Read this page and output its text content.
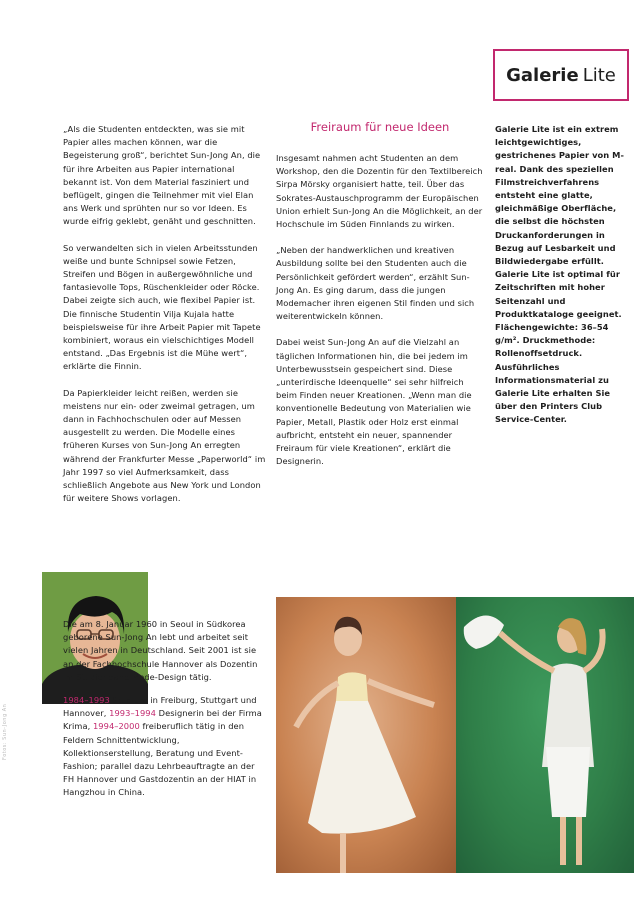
Galerie Lite
Freiraum für neue Ideen

„Als die Studenten entdeckten, was sie mit Papier alles machen können, war die Begeisterung groß“, berichtet Sun-Jong An, die für ihre Arbeiten aus Papier international bekannt ist. Von dem Material fasziniert und beflügelt, gingen die Teilnehmer mit viel Elan ans Werk und sprühten nur so vor Ideen. Es wurde eifrig geklebt, genäht und geschnitten.

So verwandelten sich in vielen Arbeitsstunden weiße und bunte Schnipsel sowie Fetzen, Streifen und Bögen in außergewöhnliche und fantasievolle Tops, Rüschenkleider oder Röcke. Dabei zeigte sich auch, wie flexibel Papier ist. Die finnische Studentin Vilja Kujala hatte beispielsweise für ihre Arbeit Papier mit Tapete kombiniert, woraus ein vielschichtiges Modell entstand. „Das Ergebnis ist die Mühe wert“, erklärte die Finnin.

Da Papierkleider leicht reißen, werden sie meistens nur ein- oder zweimal getragen, um dann in Fachhochschulen oder auf Messen ausgestellt zu werden. Die Modelle eines früheren Kurses von Sun-Jong An erregten während der Frankfurter Messe „Paperworld“ im Jahr 1997 so viel Aufmerksamkeit, dass schließlich Angebote aus New York und London für weitere Shows vorlagen.

Insgesamt nahmen acht Studenten an dem Workshop, den die Dozentin für den Textilbereich Sirpa Mörsky organisiert hatte, teil. Über das Sokrates-Austauschprogramm der Europäischen Union erhielt Sun-Jong An die Möglichkeit, an der Hochschule im Süden Finnlands zu wirken.

„Neben der handwerklichen und kreativen Ausbildung sollte bei den Studenten auch die Persönlichkeit gefördert werden“, erzählt Sun-Jong An. Es ging darum, dass die jungen Modemacher ihren eigenen Stil finden und sich weiterentwickeln können.

Dabei weist Sun-Jong An auf die Vielzahl an täglichen Informationen hin, die bei jedem im Unterbewusstsein gespeichert sind. Diese „unterirdische Ideenquelle“ sei sehr hilfreich beim Finden neuer Kreationen. „Wenn man die konventionelle Bedeutung von Materialien wie Papier, Metall, Plastik oder Holz erst einmal aufbricht, entsteht ein neuer, spannender Freiraum für viele Kreationen“, erklärt die Designerin.

Galerie Lite ist ein extrem leichtgewichtiges, gestrichenes Papier von M-real. Dank des speziellen Filmstreichverfahrens entsteht eine glatte, gleichmäßige Oberfläche, die selbst die höchsten Druckanforderungen in Bezug auf Lesbarkeit und Bildwiedergabe erfüllt.
Galerie Lite ist optimal für Zeitschriften mit hoher Seitenzahl und Produktkataloge geeignet. Flächengewichte: 36–54 g/m². Druckmethode: Rollenoffsetdruck.
Ausführliches Informationsmaterial zu Galerie Lite erhalten Sie über den Printers Club Service-Center.

Die am 8. Januar 1960 in Seoul in Südkorea geborene Sun-Jong An lebt und arbeitet seit vielen Jahren in Deutschland. Seit 2001 ist sie an der Fachhochschule Hannover als Dozentin im Studiengang Mode-Design tätig.

1984–1993 Studium in Freiburg, Stuttgart und Hannover, 1993–1994 Designerin bei der Firma Krima, 1994–2000 freiberuflich tätig in den Feldern Schnittentwicklung, Kollektionserstellung, Beratung und Event-Fashion; parallel dazu Lehrbeauftragte an der FH Hannover und Gastdozentin an der HIAT in Hangzhou in China.

Fotos: Sun-Jong An
